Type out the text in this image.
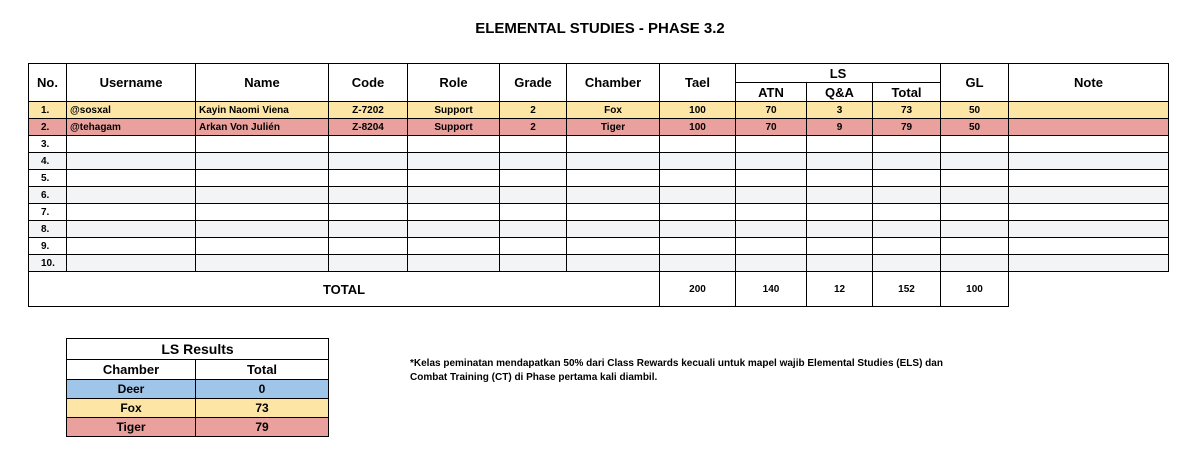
ELEMENTAL STUDIES - PHASE 3.2
No.	Username	Name	Code	Role	Grade	Chamber	Tael	LS			GL	Note
								ATN	Q&A	Total		
1.	@sosxal	Kayin Naomi Viena	Z-7202	Support	2	Fox	100	70	3	73	50	
2.	@tehagam	Arkan Von Julién	Z-8204	Support	2	Tiger	100	70	9	79	50	
3.												
4.												
5.												
6.												
7.												
8.												
9.												
10.												
TOTAL							200	140	12	152	100	
LS Results	
Chamber	Total
Deer	0
Fox	73
Tiger	79
*Kelas peminatan mendapatkan 50% dari Class Rewards kecuali untuk mapel wajib Elemental Studies (ELS) dan Combat Training (CT) di Phase pertama kali diambil.
